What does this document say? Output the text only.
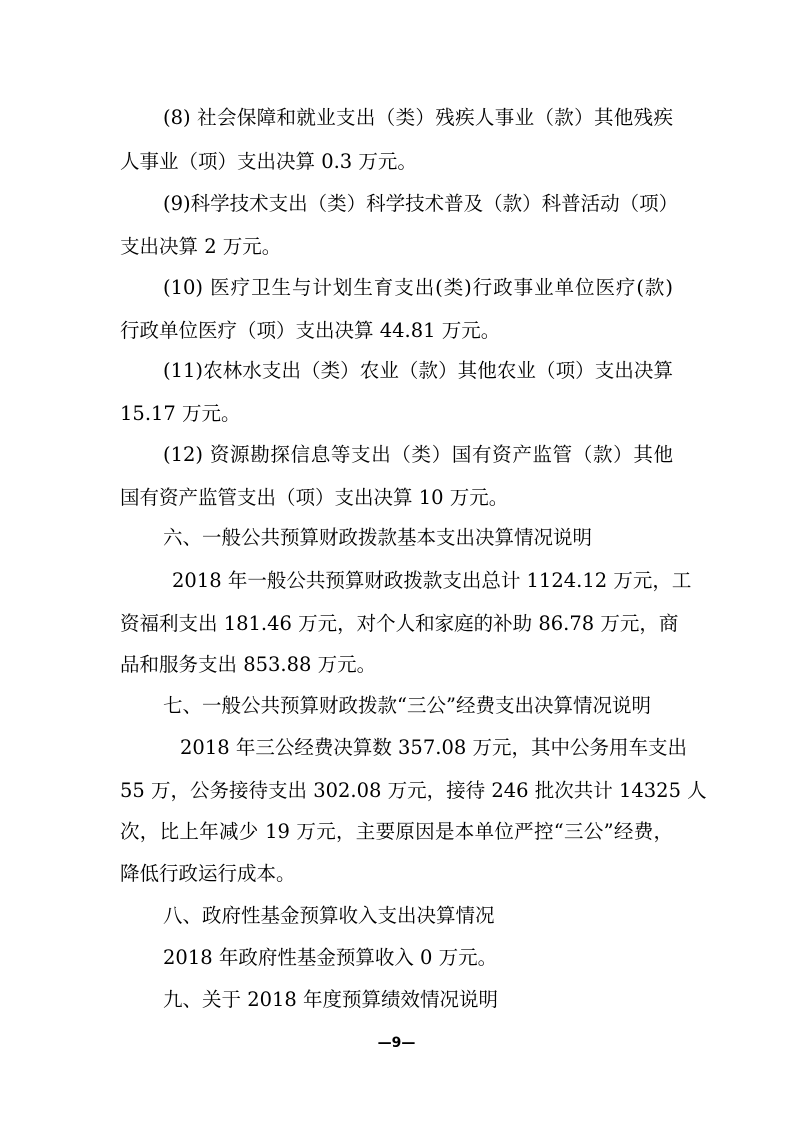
(8) 社会保障和就业支出（类）残疾人事业（款）其他残疾
人事业（项）支出决算 0.3 万元。
(9)科学技术支出（类）科学技术普及（款）科普活动（项）
支出决算 2 万元。
(10) 医疗卫生与计划生育支出(类)行政事业单位医疗(款)
行政单位医疗（项）支出决算 44.81 万元。
(11)农林水支出（类）农业（款）其他农业（项）支出决算
15.17 万元。
(12) 资源勘探信息等支出（类）国有资产监管（款）其他
国有资产监管支出（项）支出决算 10 万元。
六、一般公共预算财政拨款基本支出决算情况说明
2018 年一般公共预算财政拨款支出总计 1124.12 万元，工
资福利支出 181.46 万元，对个人和家庭的补助 86.78 万元，商
品和服务支出 853.88 万元。
七、一般公共预算财政拨款“三公”经费支出决算情况说明
2018 年三公经费决算数 357.08 万元，其中公务用车支出
55 万，公务接待支出 302.08 万元，接待 246 批次共计 14325 人
次，比上年减少 19 万元，主要原因是本单位严控“三公”经费，
降低行政运行成本。
八、政府性基金预算收入支出决算情况
2018 年政府性基金预算收入 0 万元。
九、关于 2018 年度预算绩效情况说明
—9—
